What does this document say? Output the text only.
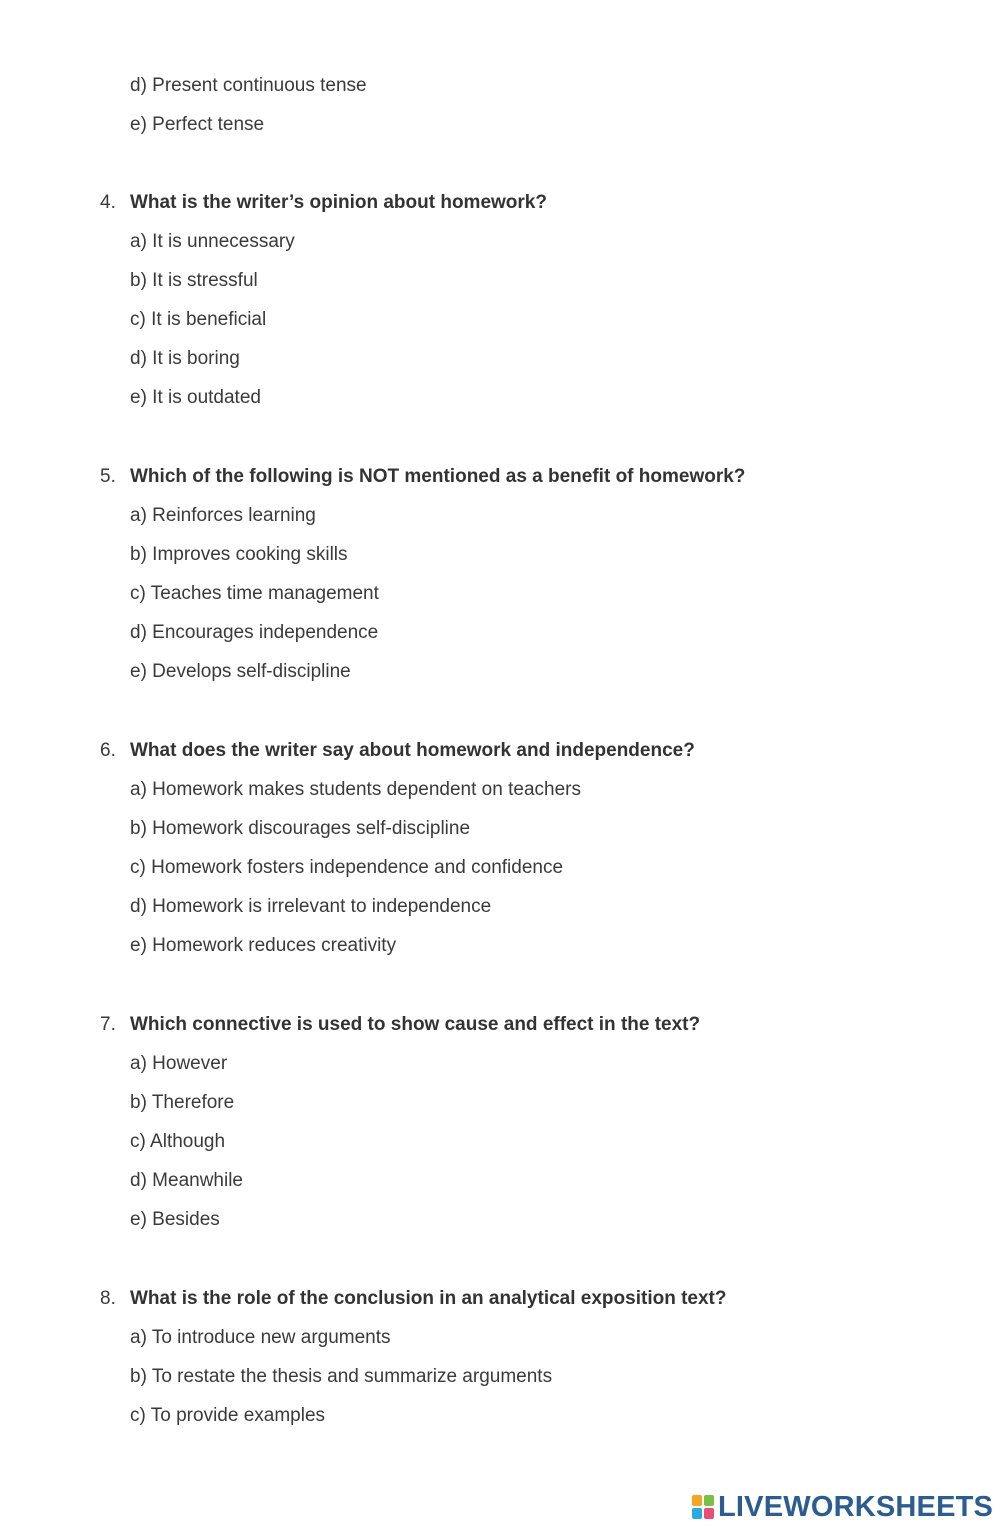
d) Present continuous tense
e) Perfect tense
4. What is the writer’s opinion about homework?
a) It is unnecessary
b) It is stressful
c) It is beneficial
d) It is boring
e) It is outdated
5. Which of the following is NOT mentioned as a benefit of homework?
a) Reinforces learning
b) Improves cooking skills
c) Teaches time management
d) Encourages independence
e) Develops self-discipline
6. What does the writer say about homework and independence?
a) Homework makes students dependent on teachers
b) Homework discourages self-discipline
c) Homework fosters independence and confidence
d) Homework is irrelevant to independence
e) Homework reduces creativity
7. Which connective is used to show cause and effect in the text?
a) However
b) Therefore
c) Although
d) Meanwhile
e) Besides
8. What is the role of the conclusion in an analytical exposition text?
a) To introduce new arguments
b) To restate the thesis and summarize arguments
c) To provide examples
LIVEWORKSHEETS
